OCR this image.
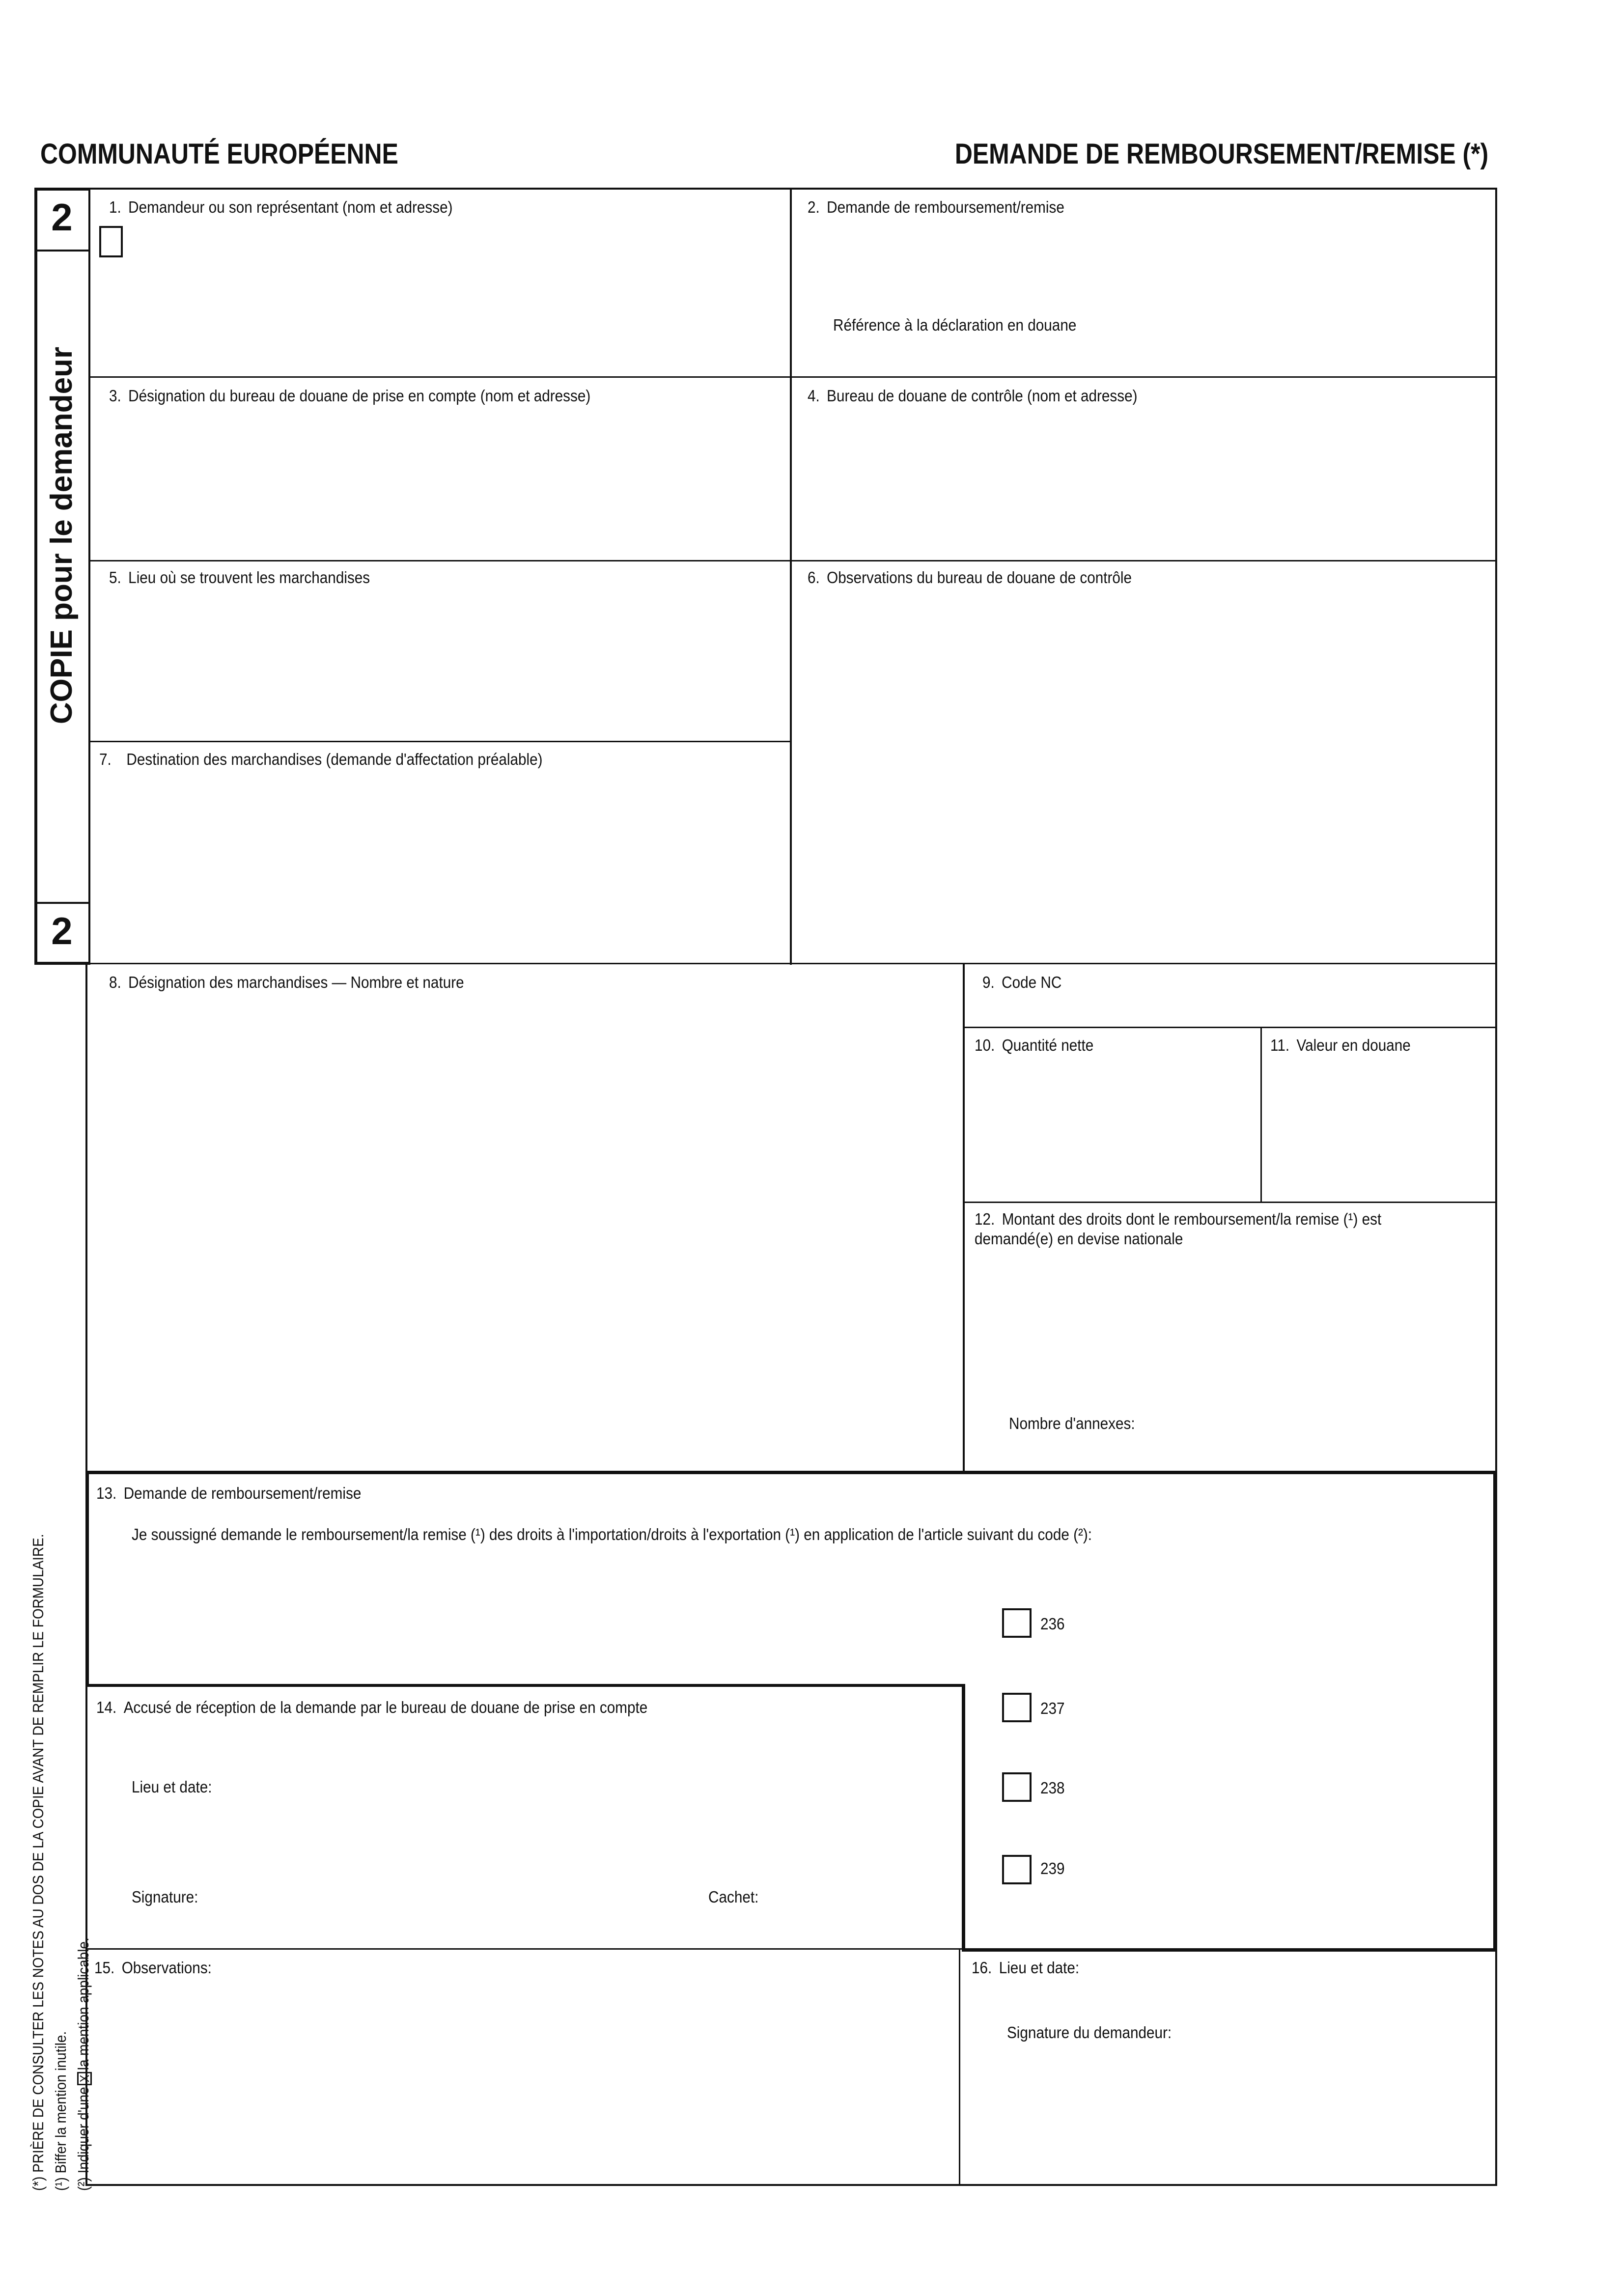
COMMUNAUTÉ EUROPÉENNE	DEMANDE DE REMBOURSEMENT/REMISE (*)
2
2
COPIE pour le demandeur
1. Demandeur ou son représentant (nom et adresse)	2. Demande de remboursement/remise
Référence à la déclaration en douane
3. Désignation du bureau de douane de prise en compte (nom et adresse)	4. Bureau de douane de contrôle (nom et adresse)
5. Lieu où se trouvent les marchandises	6. Observations du bureau de douane de contrôle
7. Destination des marchandises (demande d'affectation préalable)
8. Désignation des marchandises — Nombre et nature	9. Code NC
10. Quantité nette	11. Valeur en douane
12. Montant des droits dont le remboursement/la remise (¹) est demandé(e) en devise nationale
Nombre d'annexes:
13. Demande de remboursement/remise
Je soussigné demande le remboursement/la remise (¹) des droits à l'importation/droits à l'exportation (¹) en application de l'article suivant du code (²):
236
237
238
239
14. Accusé de réception de la demande par le bureau de douane de prise en compte
Lieu et date:
Signature:	Cachet:
15. Observations:	16. Lieu et date:
Signature du demandeur:
(*) PRIÈRE DE CONSULTER LES NOTES AU DOS DE LA COPIE AVANT DE REMPLIR LE FORMULAIRE. (¹) Biffer la mention inutile. (²) Indiquer d'uneXla mention applicable.
